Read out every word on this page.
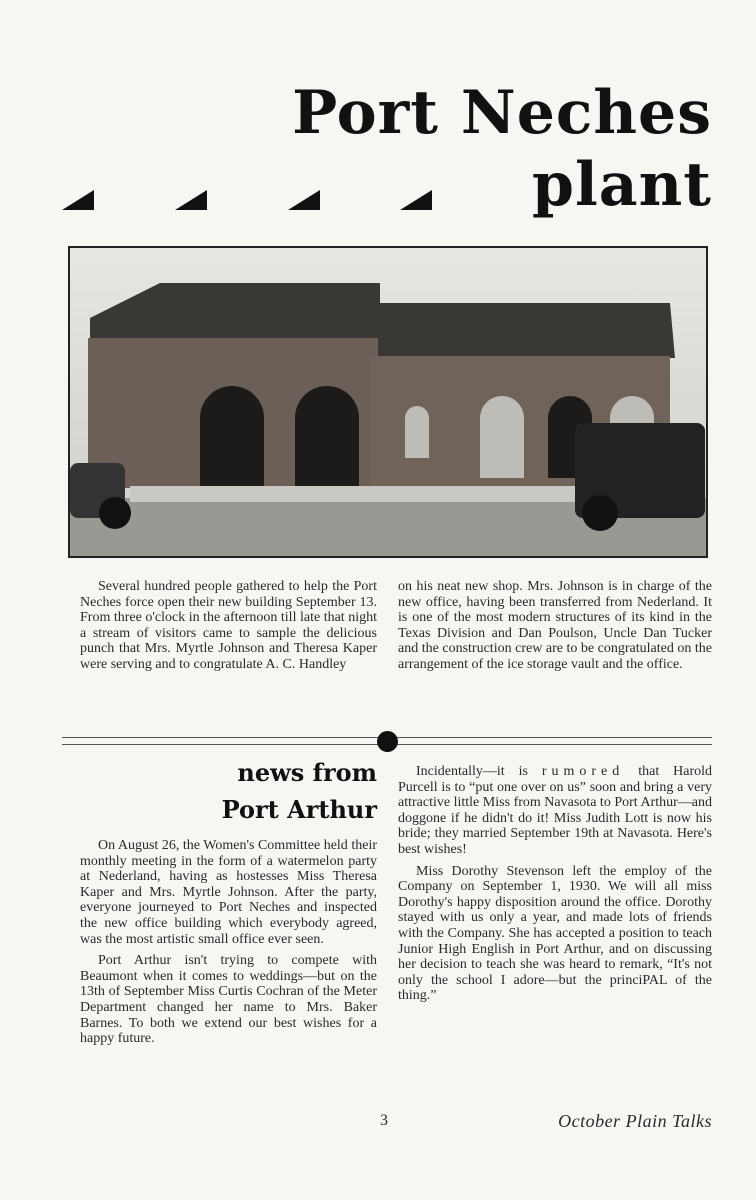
Port Neches
plant

Several hundred people gathered to help the Port Neches force open their new building September 13. From three o'clock in the afternoon till late that night a stream of visitors came to sample the delicious punch that Mrs. Myrtle Johnson and Theresa Kaper were serving and to congratulate A. C. Handley

on his neat new shop. Mrs. Johnson is in charge of the new office, having been transferred from Nederland. It is one of the most modern structures of its kind in the Texas Division and Dan Poulson, Uncle Dan Tucker and the construction crew are to be congratulated on the arrangement of the ice storage vault and the office.

news from
Port Arthur

On August 26, the Women's Committee held their monthly meeting in the form of a watermelon party at Nederland, having as hostesses Miss Theresa Kaper and Mrs. Myrtle Johnson. After the party, everyone journeyed to Port Neches and inspected the new office building which everybody agreed, was the most artistic small office ever seen.

Port Arthur isn't trying to compete with Beaumont when it comes to weddings—but on the 13th of September Miss Curtis Cochran of the Meter Department changed her name to Mrs. Baker Barnes. To both we extend our best wishes for a happy future.

Incidentally—it is rumored that Harold Purcell is to “put one over on us” soon and bring a very attractive little Miss from Navasota to Port Arthur—and doggone if he didn't do it! Miss Judith Lott is now his bride; they married September 19th at Navasota. Here's best wishes!

Miss Dorothy Stevenson left the employ of the Company on September 1, 1930. We will all miss Dorothy's happy disposition around the office. Dorothy stayed with us only a year, and made lots of friends with the Company. She has accepted a position to teach Junior High English in Port Arthur, and on discussing her decision to teach she was heard to remark, “It's not only the school I adore—but the princiPAL of the thing.”

3	October Plain Talks
